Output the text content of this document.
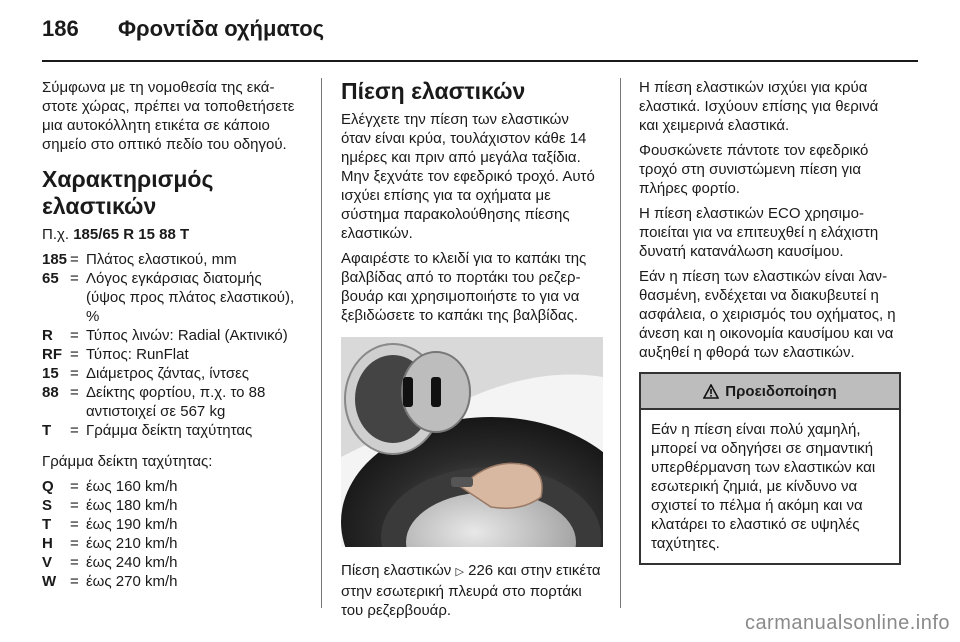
186 Φροντίδα οχήματος

Σύμφωνα με τη νομοθεσία της εκάστοτε χώρας, πρέπει να τοποθετήσετε μια αυτοκόλλητη ετικέτα σε κάποιο σημείο στο οπτικό πεδίο του οδηγού.

Χαρακτηρισμός ελαστικών

Π.χ. 185/65 R 15 88 T

185 = Πλάτος ελαστικού, mm
65 = Λόγος εγκάρσιας διατομής (ύψος προς πλάτος ελαστικού), %
R	= Τύπος λινών: Radial (Ακτινικό)
RF = Τύπος: RunFlat
15 = Διάμετρος ζάντας, ίντσες
88 = Δείκτης φορτίου, π.χ. το 88 αντιστοιχεί σε 567 kg
T	= Γράμμα δείκτη ταχύτητας

Γράμμα δείκτη ταχύτητας:

Q	= έως 160 km/h
S	= έως 180 km/h
T	= έως 190 km/h
H	= έως 210 km/h
V	= έως 240 km/h
W = έως 270 km/h
Πίεση ελαστικών

Ελέγχετε την πίεση των ελαστικών όταν είναι κρύα, τουλάχιστον κάθε 14 ημέρες και πριν από μεγάλα ταξίδια. Μην ξεχνάτε τον εφεδρικό τροχό. Αυτό ισχύει επίσης για τα οχήματα με σύστημα παρακολούθησης πίεσης ελαστικών.

Αφαιρέστε το κλειδί για το καπάκι της βαλβίδας από το πορτάκι του ρεζερβουάρ και χρησιμοποιήστε το για να ξεβιδώσετε το καπάκι της βαλβίδας.

Πίεση ελαστικών ▷ 226 και στην ετικέτα στην εσωτερική πλευρά στο πορτάκι του ρεζερβουάρ.

Η πίεση ελαστικών ισχύει για κρύα ελαστικά. Ισχύουν επίσης για θερινά και χειμερινά ελαστικά.

Φουσκώνετε πάντοτε τον εφεδρικό τροχό στη συνιστώμενη πίεση για πλήρες φορτίο.

Η πίεση ελαστικών ECO χρησιμοποιείται για να επιτευχθεί η ελάχιστη δυνατή κατανάλωση καυσίμου.

Εάν η πίεση των ελαστικών είναι λανθασμένη, ενδέχεται να διακυβευτεί η ασφάλεια, ο χειρισμός του οχήματος, η άνεση και η οικονομία καυσίμου και να αυξηθεί η φθορά των ελαστικών.

Προειδοποίηση
Εάν η πίεση είναι πολύ χαμηλή, μπορεί να οδηγήσει σε σημαντική υπερθέρμανση των ελαστικών και εσωτερική ζημιά, με κίνδυνο να σχιστεί το πέλμα ή ακόμη και να κλατάρει το ελαστικό σε υψηλές ταχύτητες.
carmanualsonline.info
